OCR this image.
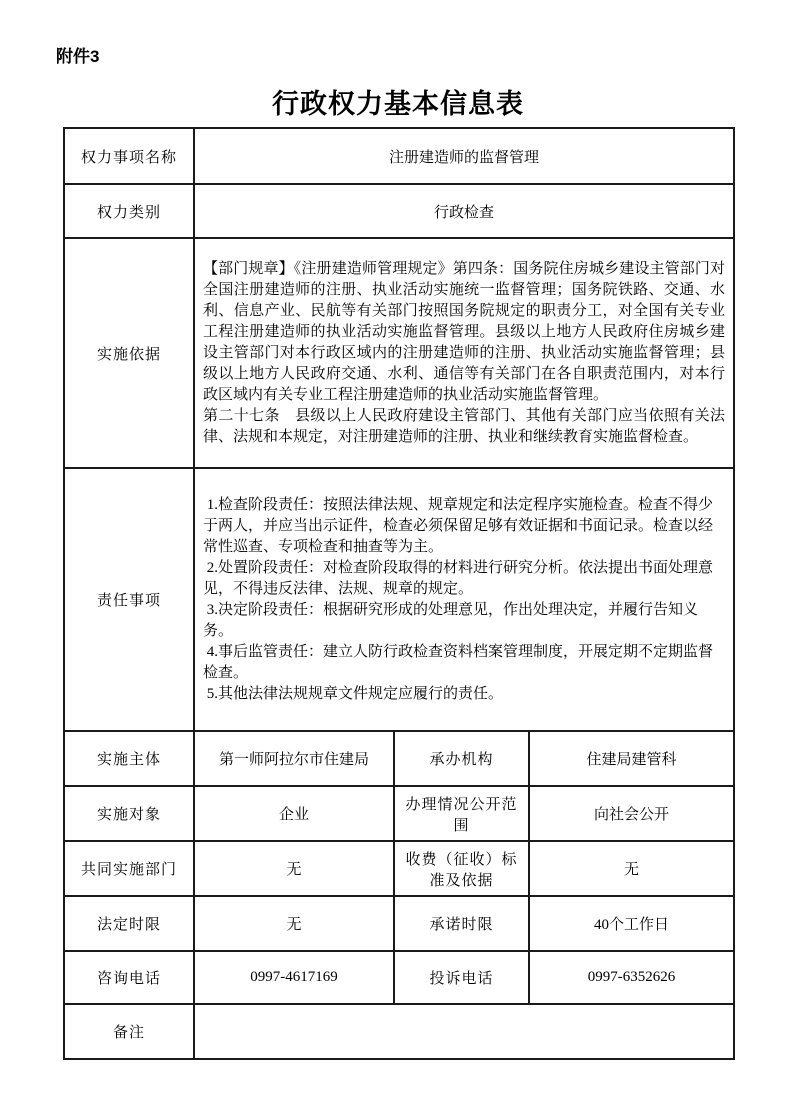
附件3
行政权力基本信息表
权力事项名称	注册建造师的监督管理		
权力类别	行政检查		
实施依据	【部门规章】《注册建造师管理规定》第四条：国务院住房城乡建设主管部门对全国注册建造师的注册、执业活动实施统一监督管理；国务院铁路、交通、水利、信息产业、民航等有关部门按照国务院规定的职责分工，对全国有关专业工程注册建造师的执业活动实施监督管理。县级以上地方人民政府住房城乡建设主管部门对本行政区域内的注册建造师的注册、执业活动实施监督管理；县级以上地方人民政府交通、水利、通信等有关部门在各自职责范围内，对本行政区域内有关专业工程注册建造师的执业活动实施监督管理。
第二十七条　县级以上人民政府建设主管部门、其他有关部门应当依照有关法律、法规和本规定，对注册建造师的注册、执业和继续教育实施监督检查。		

责任事项	1.检查阶段责任：按照法律法规、规章规定和法定程序实施检查。检查不得少于两人，并应当出示证件，检查必须保留足够有效证据和书面记录。检查以经常性巡查、专项检查和抽查等为主。
2.处置阶段责任：对检查阶段取得的材料进行研究分析。依法提出书面处理意见，不得违反法律、法规、规章的规定。
3.决定阶段责任：根据研究形成的处理意见，作出处理决定，并履行告知义务。
4.事后监管责任：建立人防行政检查资料档案管理制度，开展定期不定期监督检查。
5.其他法律法规规章文件规定应履行的责任。		

实施主体	第一师阿拉尔市住建局	承办机构	住建局建管科
实施对象	企业	办理情况公开范围	向社会公开
共同实施部门	无	收费（征收）标准及依据	无
法定时限	无	承诺时限	40个工作日
咨询电话	0997-4617169	投诉电话	0997-6352626
备注			
